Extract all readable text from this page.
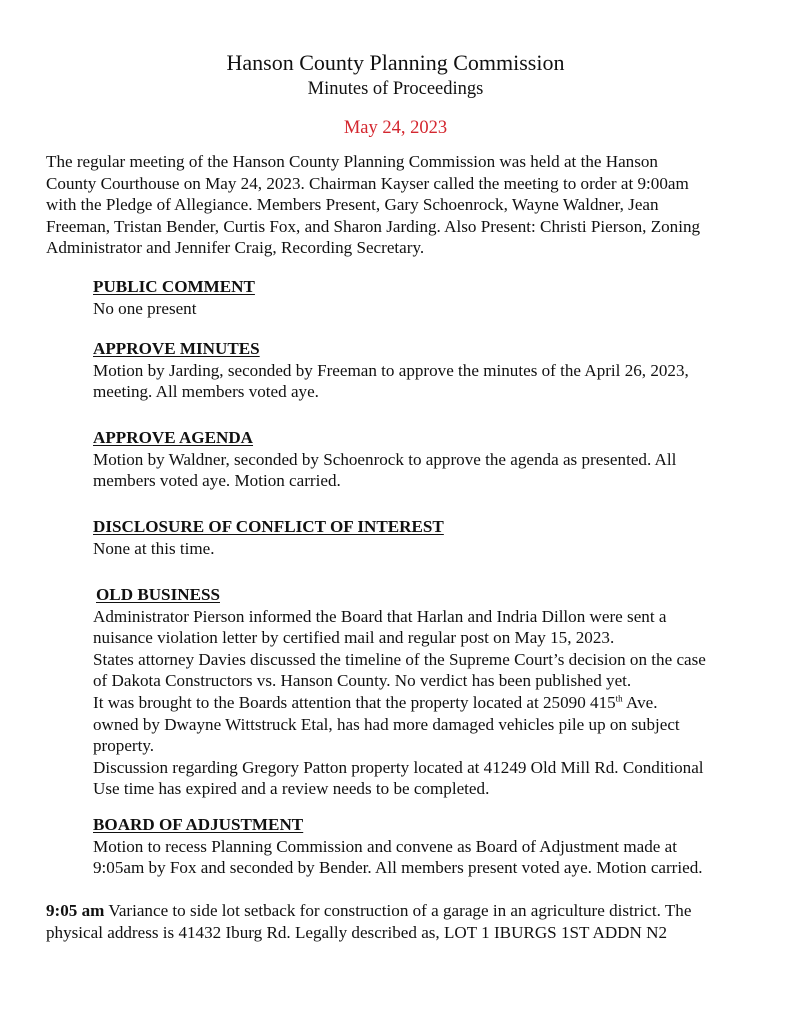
Hanson County Planning Commission
Minutes of Proceedings
May 24, 2023
The regular meeting of the Hanson County Planning Commission was held at the Hanson
County Courthouse on May 24, 2023. Chairman Kayser called the meeting to order at 9:00am
with the Pledge of Allegiance. Members Present, Gary Schoenrock, Wayne Waldner, Jean
Freeman, Tristan Bender, Curtis Fox, and Sharon Jarding. Also Present: Christi Pierson, Zoning
Administrator and Jennifer Craig, Recording Secretary.
PUBLIC COMMENT
No one present
APPROVE MINUTES
Motion by Jarding, seconded by Freeman to approve the minutes of the April 26, 2023,
meeting. All members voted aye.
APPROVE AGENDA
Motion by Waldner, seconded by Schoenrock to approve the agenda as presented. All
members voted aye. Motion carried.
DISCLOSURE OF CONFLICT OF INTEREST
None at this time.
OLD BUSINESS
Administrator Pierson informed the Board that Harlan and Indria Dillon were sent a
nuisance violation letter by certified mail and regular post on May 15, 2023.
States attorney Davies discussed the timeline of the Supreme Court’s decision on the case
of Dakota Constructors vs. Hanson County. No verdict has been published yet.
It was brought to the Boards attention that the property located at 25090 415th Ave.
owned by Dwayne Wittstruck Etal, has had more damaged vehicles pile up on subject
property.
Discussion regarding Gregory Patton property located at 41249 Old Mill Rd. Conditional
Use time has expired and a review needs to be completed.
BOARD OF ADJUSTMENT
Motion to recess Planning Commission and convene as Board of Adjustment made at
9:05am by Fox and seconded by Bender. All members present voted aye. Motion carried.
9:05 am Variance to side lot setback for construction of a garage in an agriculture district. The
physical address is 41432 Iburg Rd. Legally described as, LOT 1 IBURGS 1ST ADDN N2
